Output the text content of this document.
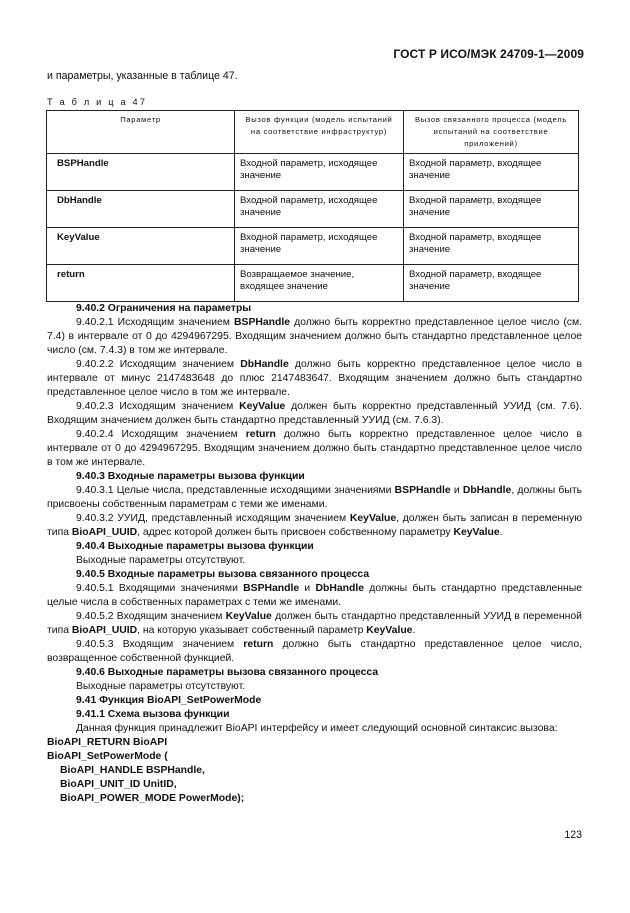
ГОСТ Р ИСО/МЭК 24709-1—2009
и параметры, указанные в таблице 47.
Т а б л и ц а 47
Параметр	Вызов функции (модель испытаний на соответствие инфраструктур)	Вызов связанного процесса (модель испытаний на соответствие приложений)
BSPHandle	Входной параметр, исходящее значение	Входной параметр, входящее значение
DbHandle	Входной параметр, исходящее значение	Входной параметр, входящее значение
KeyValue	Входной параметр, исходящее значение	Входной параметр, входящее значение
return	Возвращаемое значение, входящее значение	Входной параметр, входящее значение

9.40.2 Ограничения на параметры

9.40.2.1 Исходящим значением BSPHandle должно быть корректно представленное целое число (см. 7.4) в интервале от 0 до 4294967295. Входящим значением должно быть стандартно представленное целое число (см. 7.4.3) в том же интервале.

9.40.2.2 Исходящим значением DbHandle должно быть корректно представленное целое число в интервале от минус 2147483648 до плюс 2147483647. Входящим значением должно быть стандартно представленное целое число в том же интервале.

9.40.2.3 Исходящим значением KeyValue должен быть корректно представленный УУИД (см. 7.6). Входящим значением должен быть стандартно представленный УУИД (см. 7.6.3).

9.40.2.4 Исходящим значением return должно быть корректно представленное целое число в интервале от 0 до 4294967295. Входящим значением должно быть стандартно представленное целое число в том же интервале.

9.40.3 Входные параметры вызова функции

9.40.3.1 Целые числа, представленные исходящими значениями BSPHandle и DbHandle, должны быть присвоены собственным параметрам с теми же именами.

9.40.3.2 УУИД, представленный исходящим значением KeyValue, должен быть записан в переменную типа BioAPI_UUID, адрес которой должен быть присвоен собственному параметру KeyValue.

9.40.4 Выходные параметры вызова функции

Выходные параметры отсутствуют.

9.40.5 Входные параметры вызова связанного процесса

9.40.5.1 Входящими значениями BSPHandle и DbHandle должны быть стандартно представленные целые числа в собственных параметрах с теми же именами.

9.40.5.2 Входящим значением KeyValue должен быть стандартно представленный УУИД в переменной типа BioAPI_UUID, на которую указывает собственный параметр KeyValue.

9.40.5.3 Входящим значением return должно быть стандартно представленное целое число, возвращенное собственной функцией.

9.40.6 Выходные параметры вызова связанного процесса

Выходные параметры отсутствуют.

9.41 Функция BioAPI_SetPowerMode

9.41.1 Схема вызова функции

Данная функция принадлежит BioAPI интерфейсу и имеет следующий основной синтаксис вызова:

BioAPI_RETURN BioAPI

BioAPI_SetPowerMode (

BioAPI_HANDLE BSPHandle,

BioAPI_UNIT_ID UnitID,

BioAPI_POWER_MODE PowerMode);

123
